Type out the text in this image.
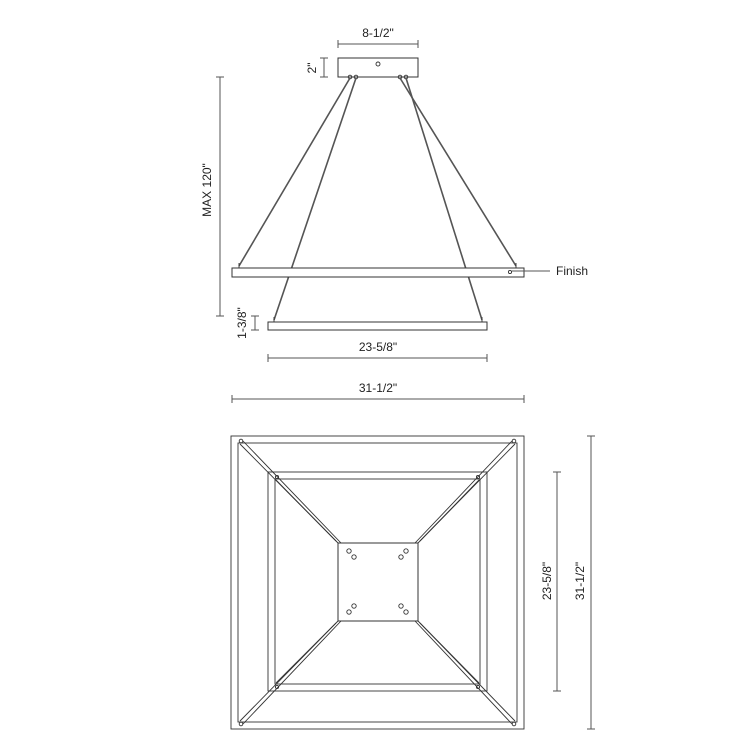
8-1/2"
2"
MAX 120"
Finish
1-3/8"
23-5/8"
31-1/2"
23-5/8" 31-1/2"
